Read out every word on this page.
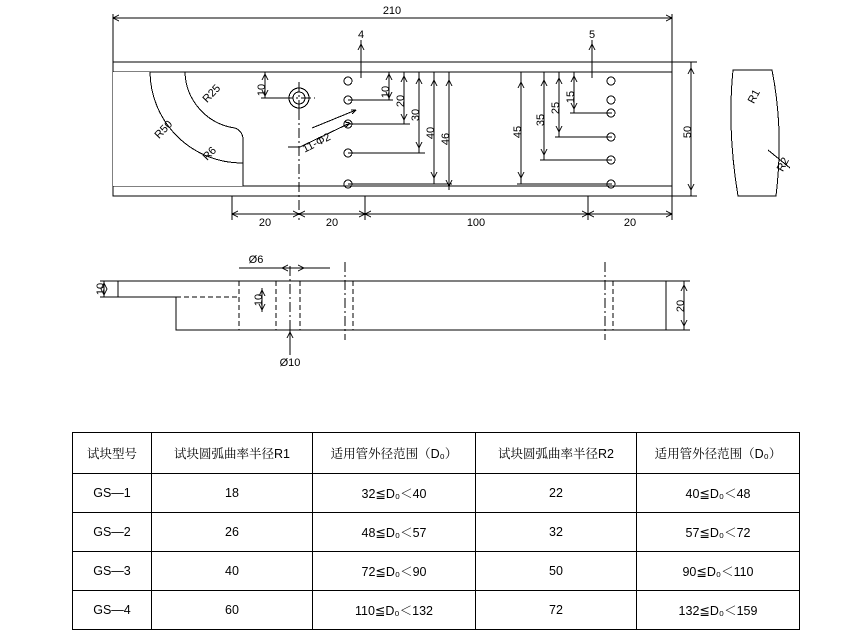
210
4	5
R25
R50
R6	11-Φ2
10	10
20
30
40 46
15
25
35
45	50
20	20	100	20
R1
R2
10
10	20
Ø6
Ø10
试块型号	试块圆弧曲率半径R1	适用管外径范围（D₀）	试块圆弧曲率半径R2	适用管外径范围（D₀）
GS—1	18	32≦D₀＜40	22	40≦D₀＜48
GS—2	26	48≦D₀＜57	32	57≦D₀＜72
GS—3	40	72≦D₀＜90	50	90≦D₀＜110
GS—4	60	110≦D₀＜132	72	132≦D₀＜159
